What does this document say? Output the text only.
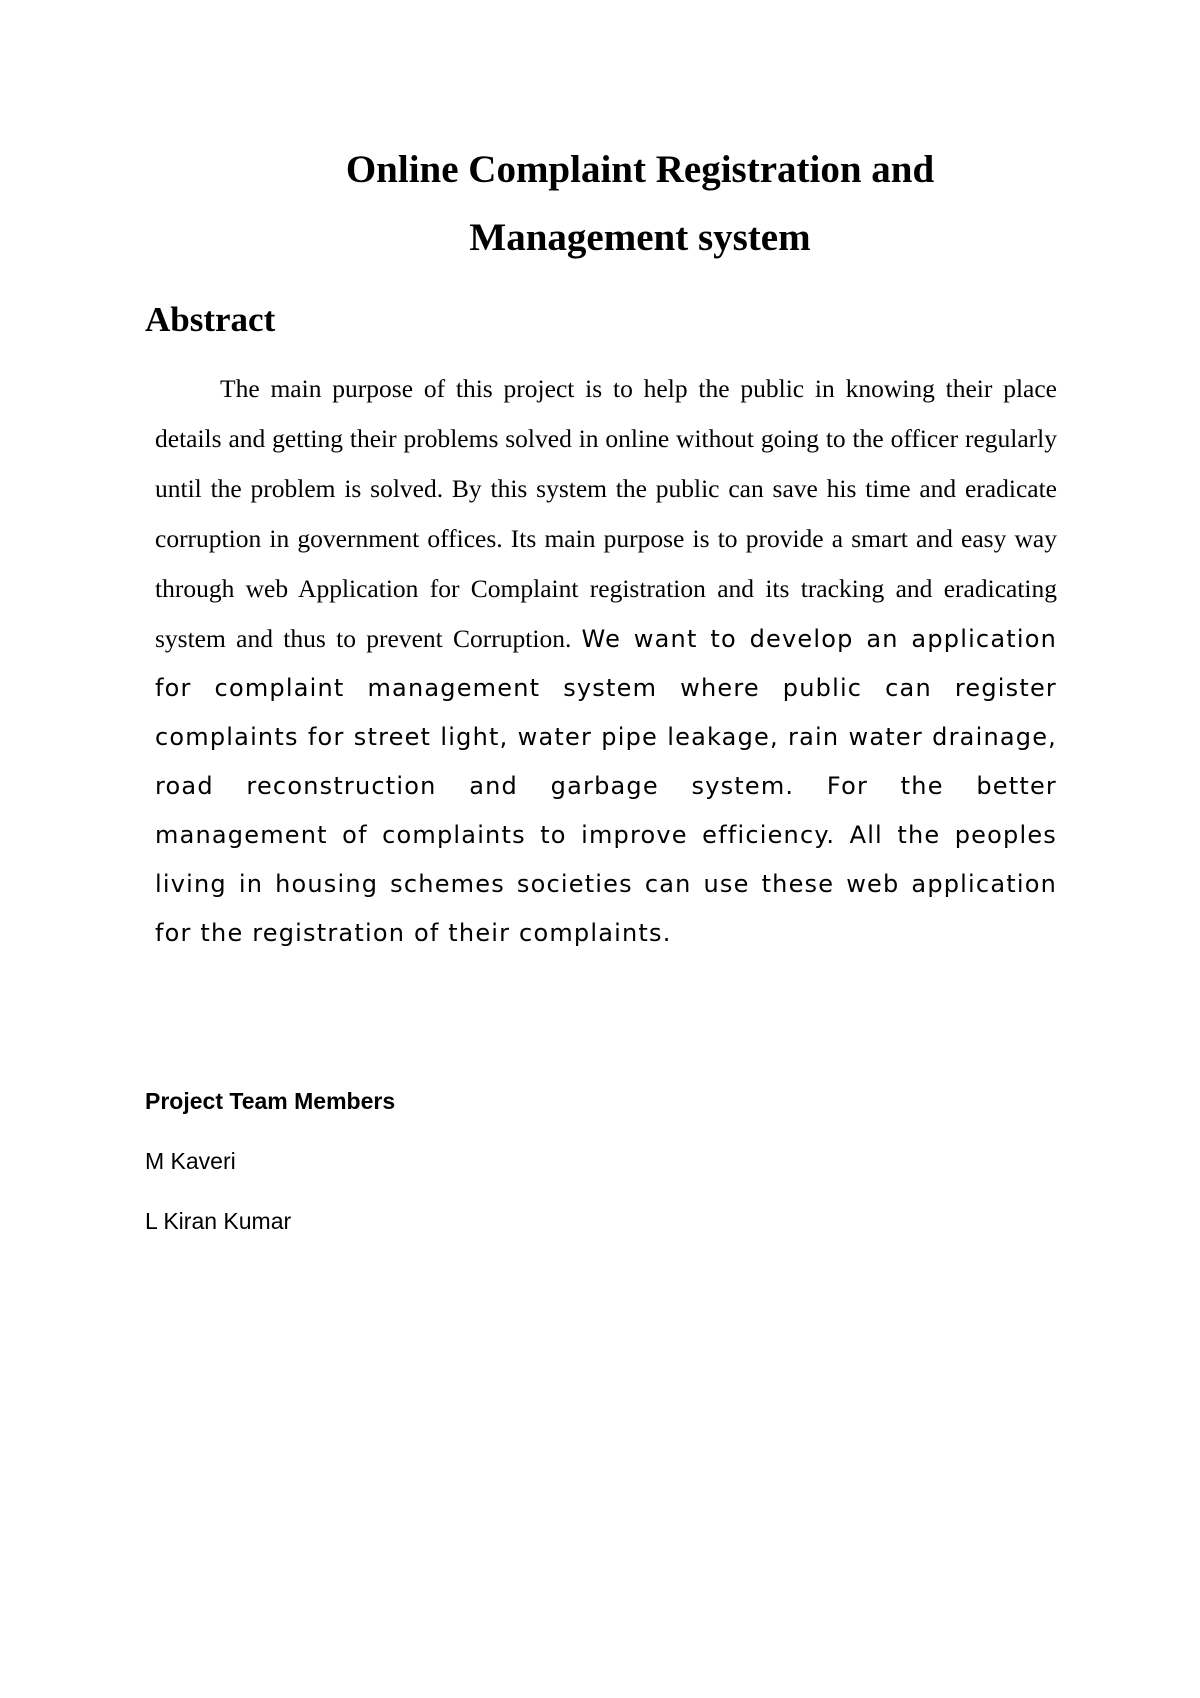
Online Complaint Registration and
Management system
Abstract

The main purpose of this project is to help the public in knowing their place details and getting their problems solved in online without going to the officer regularly until the problem is solved. By this system the public can save his time and eradicate corruption in government offices. Its main purpose is to provide a smart and easy way through web Application for Complaint registration and its tracking and eradicating system and thus to prevent Corruption. We want to develop an application for complaint management system where public can register complaints for street light, water pipe leakage, rain water drainage, road reconstruction and garbage system. For the better management of complaints to improve efficiency. All the peoples living in housing schemes societies can use these web application for the registration of their complaints.

Project Team Members

M Kaveri

L Kiran Kumar
